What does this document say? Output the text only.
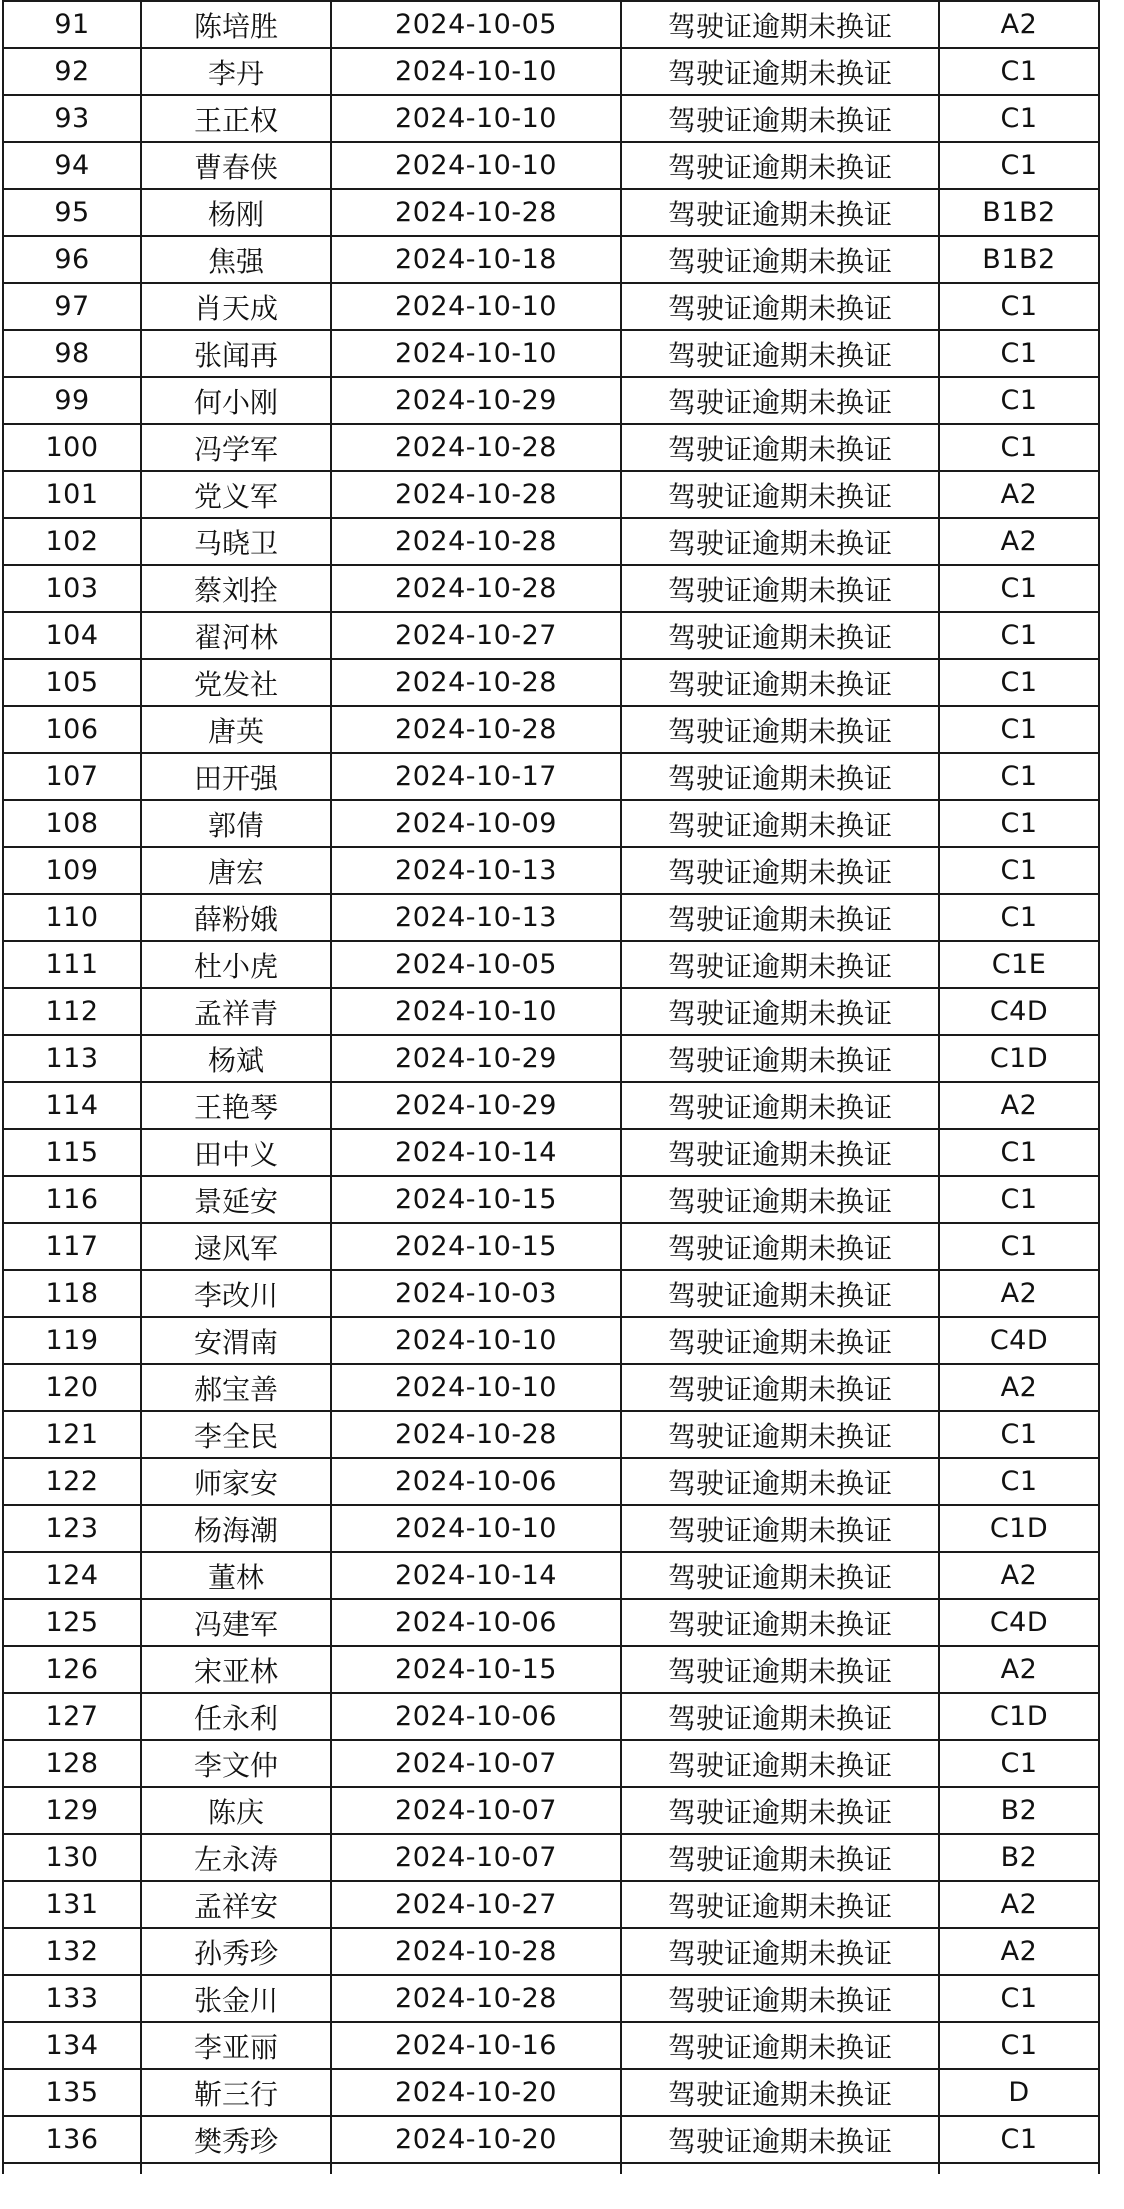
91	陈培胜	2024-10-05	驾驶证逾期未换证	A2
92	李丹	2024-10-10	驾驶证逾期未换证	C1
93	王正权	2024-10-10	驾驶证逾期未换证	C1
94	曹春侠	2024-10-10	驾驶证逾期未换证	C1
95	杨刚	2024-10-28	驾驶证逾期未换证	B1B2
96	焦强	2024-10-18	驾驶证逾期未换证	B1B2
97	肖天成	2024-10-10	驾驶证逾期未换证	C1
98	张闻再	2024-10-10	驾驶证逾期未换证	C1
99	何小刚	2024-10-29	驾驶证逾期未换证	C1
100	冯学军	2024-10-28	驾驶证逾期未换证	C1
101	党义军	2024-10-28	驾驶证逾期未换证	A2
102	马晓卫	2024-10-28	驾驶证逾期未换证	A2
103	蔡刘拴	2024-10-28	驾驶证逾期未换证	C1
104	翟河林	2024-10-27	驾驶证逾期未换证	C1
105	党发社	2024-10-28	驾驶证逾期未换证	C1
106	唐英	2024-10-28	驾驶证逾期未换证	C1
107	田开强	2024-10-17	驾驶证逾期未换证	C1
108	郭倩	2024-10-09	驾驶证逾期未换证	C1
109	唐宏	2024-10-13	驾驶证逾期未换证	C1
110	薛粉娥	2024-10-13	驾驶证逾期未换证	C1
111	杜小虎	2024-10-05	驾驶证逾期未换证	C1E
112	孟祥青	2024-10-10	驾驶证逾期未换证	C4D
113	杨斌	2024-10-29	驾驶证逾期未换证	C1D
114	王艳琴	2024-10-29	驾驶证逾期未换证	A2
115	田中义	2024-10-14	驾驶证逾期未换证	C1
116	景延安	2024-10-15	驾驶证逾期未换证	C1
117	逯风军	2024-10-15	驾驶证逾期未换证	C1
118	李改川	2024-10-03	驾驶证逾期未换证	A2
119	安渭南	2024-10-10	驾驶证逾期未换证	C4D
120	郝宝善	2024-10-10	驾驶证逾期未换证	A2
121	李全民	2024-10-28	驾驶证逾期未换证	C1
122	师家安	2024-10-06	驾驶证逾期未换证	C1
123	杨海潮	2024-10-10	驾驶证逾期未换证	C1D
124	董林	2024-10-14	驾驶证逾期未换证	A2
125	冯建军	2024-10-06	驾驶证逾期未换证	C4D
126	宋亚林	2024-10-15	驾驶证逾期未换证	A2
127	任永利	2024-10-06	驾驶证逾期未换证	C1D
128	李文仲	2024-10-07	驾驶证逾期未换证	C1
129	陈庆	2024-10-07	驾驶证逾期未换证	B2
130	左永涛	2024-10-07	驾驶证逾期未换证	B2
131	孟祥安	2024-10-27	驾驶证逾期未换证	A2
132	孙秀珍	2024-10-28	驾驶证逾期未换证	A2
133	张金川	2024-10-28	驾驶证逾期未换证	C1
134	李亚丽	2024-10-16	驾驶证逾期未换证	C1
135	靳三行	2024-10-20	驾驶证逾期未换证	D
136	樊秀珍	2024-10-20	驾驶证逾期未换证	C1
